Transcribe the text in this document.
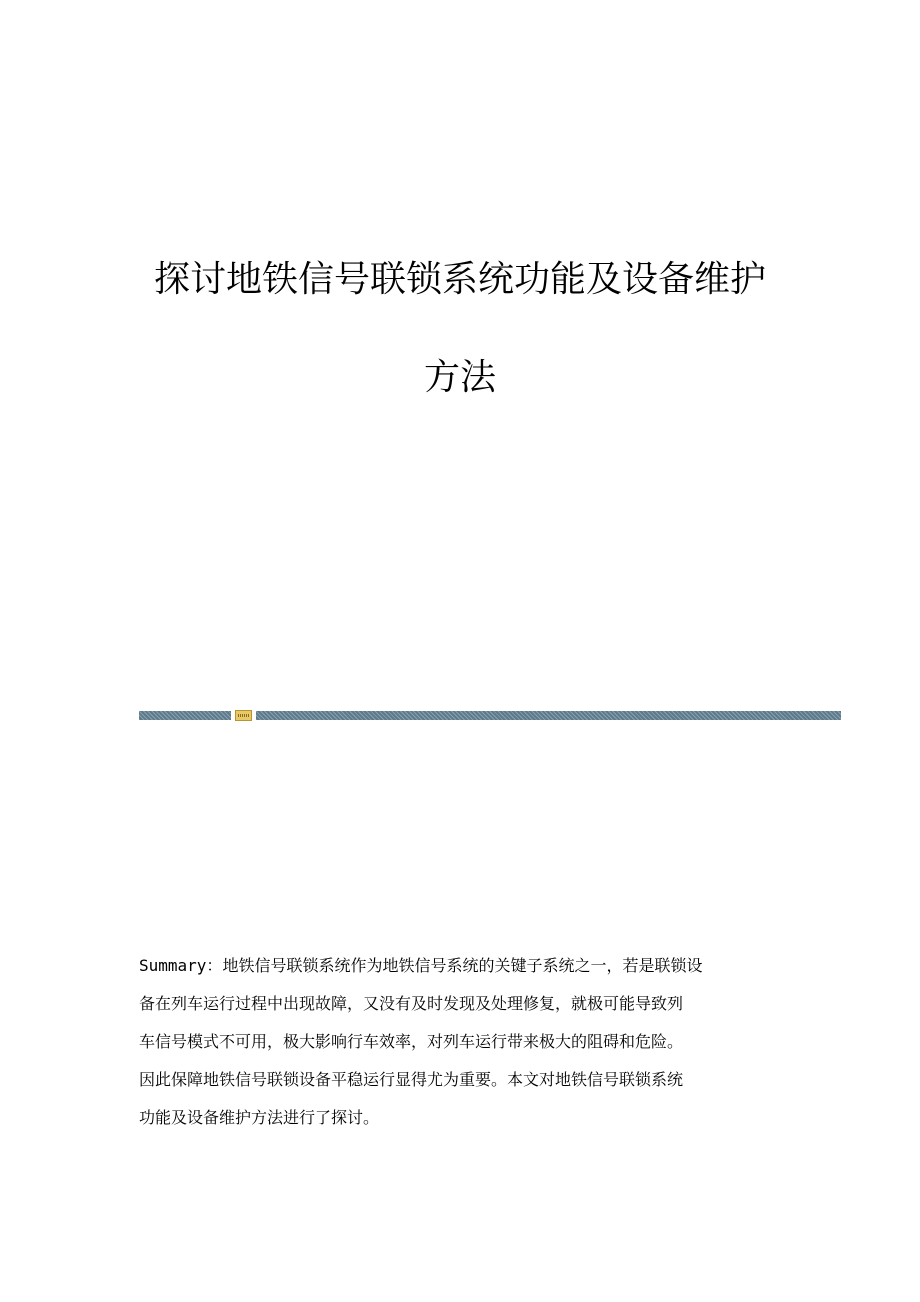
探讨地铁信号联锁系统功能及设备维护
方法
Summary：地铁信号联锁系统作为地铁信号系统的关键子系统之一，若是联锁设
备在列车运行过程中出现故障，又没有及时发现及处理修复，就极可能导致列
车信号模式不可用，极大影响行车效率，对列车运行带来极大的阻碍和危险。
因此保障地铁信号联锁设备平稳运行显得尤为重要。本文对地铁信号联锁系统
功能及设备维护方法进行了探讨。
